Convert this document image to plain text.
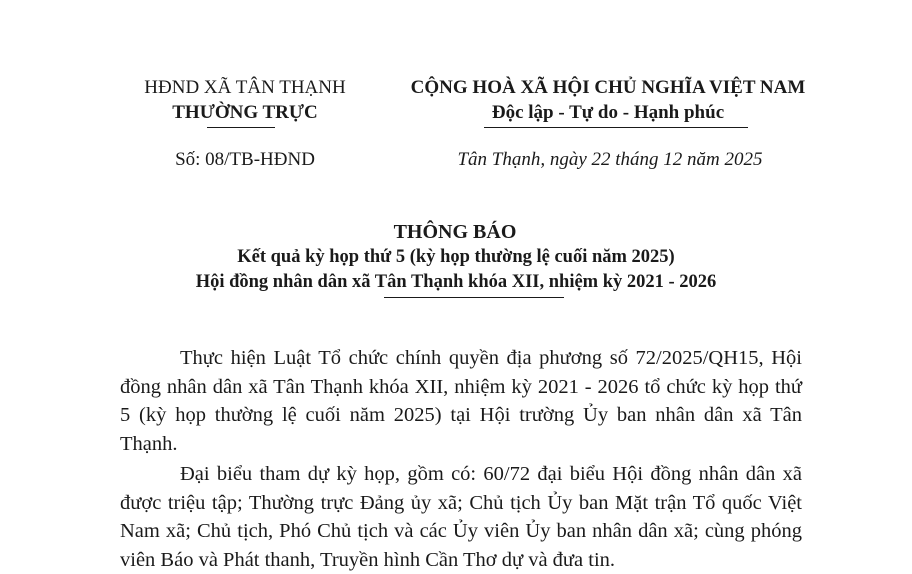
HĐND XÃ TÂN THẠNH
THƯỜNG TRỰC
Số: 08/TB-HĐND
CỘNG HOÀ XÃ HỘI CHỦ NGHĨA VIỆT NAM
Độc lập - Tự do - Hạnh phúc
Tân Thạnh, ngày 22 tháng 12 năm 2025
THÔNG BÁO
Kết quả kỳ họp thứ 5 (kỳ họp thường lệ cuối năm 2025)
Hội đồng nhân dân xã Tân Thạnh khóa XII, nhiệm kỳ 2021 - 2026
Thực hiện Luật Tổ chức chính quyền địa phương số 72/2025/QH15, Hội đồng nhân dân xã Tân Thạnh khóa XII, nhiệm kỳ 2021 - 2026 tổ chức kỳ họp thứ 5 (kỳ họp thường lệ cuối năm 2025) tại Hội trường Ủy ban nhân dân xã Tân Thạnh.
Đại biểu tham dự kỳ họp, gồm có: 60/72 đại biểu Hội đồng nhân dân xã được triệu tập; Thường trực Đảng ủy xã; Chủ tịch Ủy ban Mặt trận Tổ quốc Việt Nam xã; Chủ tịch, Phó Chủ tịch và các Ủy viên Ủy ban nhân dân xã; cùng phóng viên Báo và Phát thanh, Truyền hình Cần Thơ dự và đưa tin.
